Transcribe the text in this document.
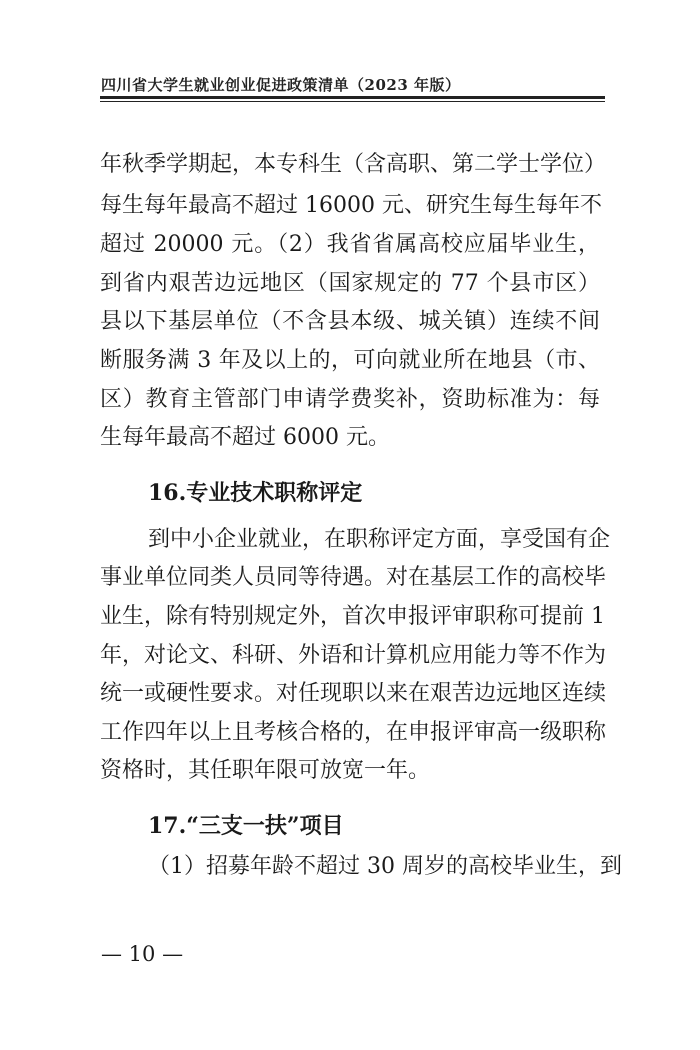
四川省大学生就业创业促进政策清单（2023 年版）
年秋季学期起，本专科生（含高职、第二学士学位）
每生每年最高不超过 16000 元、研究生每生每年不
超过 20000 元。（2）我省省属高校应届毕业生，
到省内艰苦边远地区（国家规定的 77 个县市区）
县以下基层单位（不含县本级、城关镇）连续不间
断服务满 3 年及以上的，可向就业所在地县（市、
区）教育主管部门申请学费奖补，资助标准为：每
生每年最高不超过 6000 元。
16.专业技术职称评定
到中小企业就业，在职称评定方面，享受国有企
事业单位同类人员同等待遇。对在基层工作的高校毕
业生，除有特别规定外，首次申报评审职称可提前 1
年，对论文、科研、外语和计算机应用能力等不作为
统一或硬性要求。对任现职以来在艰苦边远地区连续
工作四年以上且考核合格的，在申报评审高一级职称
资格时，其任职年限可放宽一年。
17.“三支一扶”项目
（1）招募年龄不超过 30 周岁的高校毕业生，到
— 10 —
